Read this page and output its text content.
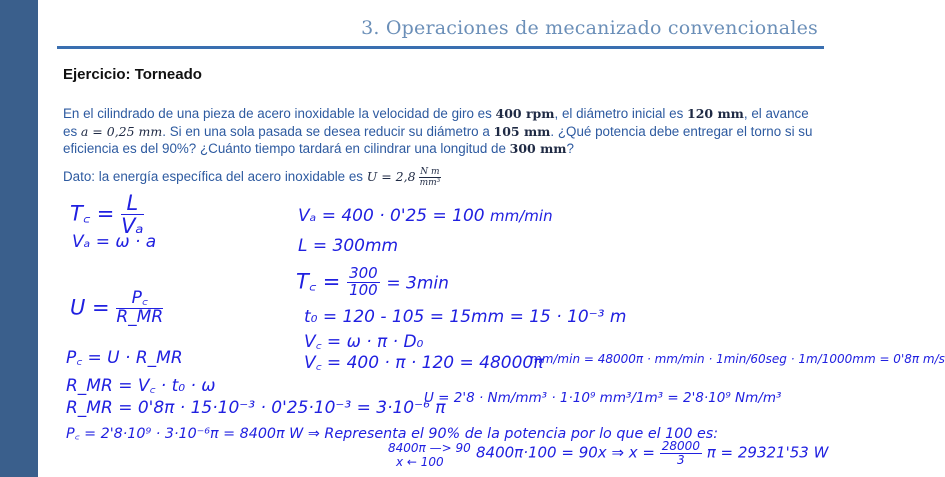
3. Operaciones de mecanizado convencionales
Ejercicio: Torneado
En el cilindrado de una pieza de acero inoxidable la velocidad de giro es 400 rpm, el diámetro inicial es 120 mm, el avance es a = 0,25 mm. Si en una sola pasada se desea reducir su diámetro a 105 mm. ¿Qué potencia debe entregar el torno si su eficiencia es del 90%? ¿Cuánto tiempo tardará en cilindrar una longitud de 300 mm?
Dato: la energía específica del acero inoxidable es $U = 2,8 \frac{\text{N m}}{\text{mm³}}$
T꜀ = $\frac{L}{\text{Vₐ}}$
Vₐ = ω · a
Vₐ = 400 · 0'25 = 100 mm/min
L = 300mm
T꜀ = $\frac{300}{100} = 3\min$
$U = \frac{P꜀}{R\_MR}$	t₀ = 120 - 105 = 15mm = 15 · 10⁻³ m
V꜀ = ω · π · D₀
P꜀ = U · R_MR	V꜀ = 400 · π · 120 = 48000π
mm/min = 48000π · mm/min · 1min/60seg · 1m/1000mm = 0'8π m/s
R_MR = V꜀ · t₀ · ω
R_MR = 0'8π · 15·10⁻³ · 0'25·10⁻³ = 3·10⁻⁶ π
U = 2'8 · Nm/mm³ · 1·10⁹ mm³/1m³ = 2'8·10⁹ Nm/m³
P꜀ = 2'8·10⁹ · 3·10⁻⁶π = 8400π W ⇒ Representa el 90% de la potencia por lo que el 100 es:
8400π —> 90
x ← 100
8400π·100 = 90x ⇒ $x = \frac{28000}{3}$ π = 29321'53 W
